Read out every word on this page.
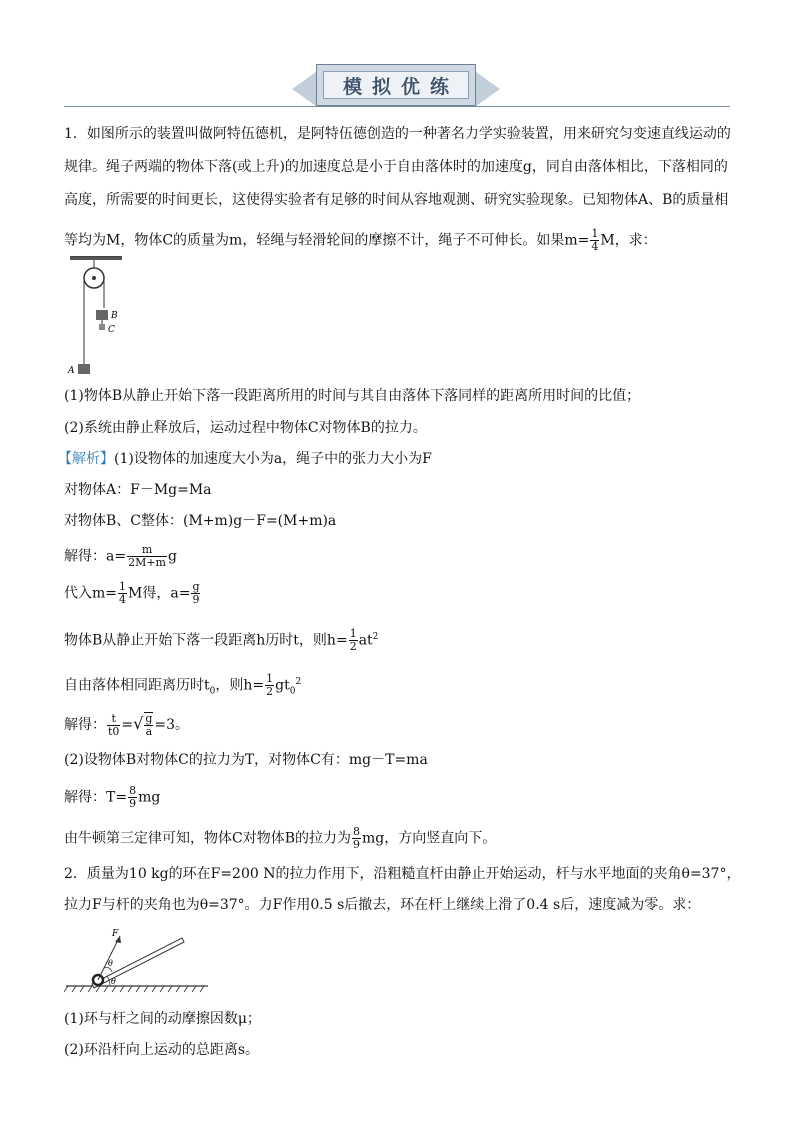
模拟优练
1．如图所示的装置叫做阿特伍德机，是阿特伍德创造的一种著名力学实验装置，用来研究匀变速直线运动的
规律。绳子两端的物体下落(或上升)的加速度总是小于自由落体时的加速度g，同自由落体相比，下落相同的
高度，所需要的时间更长，这使得实验者有足够的时间从容地观测、研究实验现象。已知物体A、B的质量相
等均为M，物体C的质量为m，轻绳与轻滑轮间的摩擦不计，绳子不可伸长。如果$m= \frac{1}{4}$ M，求：
B
C
A
(1)物体B从静止开始下落一段距离所用的时间与其自由落体下落同样的距离所用时间的比值；
(2)系统由静止释放后，运动过程中物体C对物体B的拉力。
【解析】(1)设物体的加速度大小为a，绳子中的张力大小为F
对物体A：F－Mg=Ma
对物体B、C整体：(M+m)g－F=(M+m)a
解得：$a= \frac{m}{2M+m}$ g
代入$m= \frac{1}{4}$ M得，$a= \frac{g}{9}$
物体B从静止开始下落一段距离h历时t，则$h= \frac{1}{2} at^2$
自由落体相同距离历时$t_0$，则$h= \frac{1}{2} gt_0^2$
解得： $\frac{t}{t0}$ =√ $\frac{g}{a} =3$。
(2)设物体B对物体C的拉力为T，对物体C有：mg－T=ma
解得：$T= \frac{8}{9}$ mg
由牛顿第三定律可知，物体C对物体B的拉力为 $\frac{8}{9}$ mg，方向竖直向下。
2．质量为10 kg的环在F=200 N的拉力作用下，沿粗糙直杆由静止开始运动，杆与水平地面的夹角θ=37°，
拉力F与杆的夹角也为θ=37°。力F作用0.5 s后撤去，环在杆上继续上滑了0.4 s后，速度减为零。求：
F
θ
θ
(1)环与杆之间的动摩擦因数μ；
(2)环沿杆向上运动的总距离s。
